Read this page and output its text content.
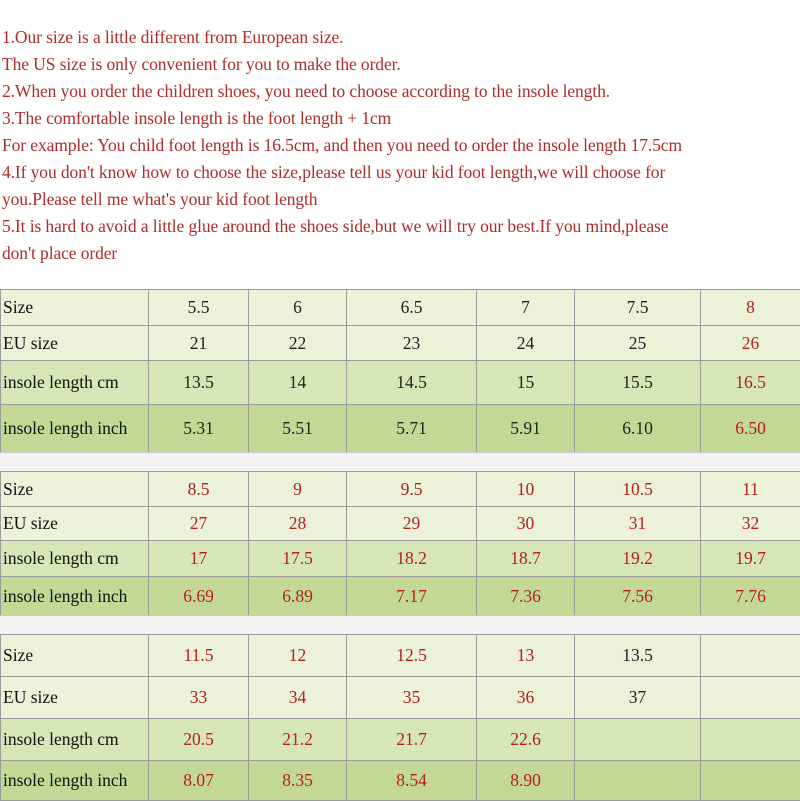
1.Our size is a little different from European size.
The US size is only convenient for you to make the order.
2.When you order the children shoes, you need to choose according to the insole length.
3.The comfortable insole length is the foot length + 1cm
For example: You child foot length is 16.5cm, and then you need to order the insole length 17.5cm
4.If you don't know how to choose the size,please tell us your kid foot length,we will choose for
you.Please tell me what's your kid foot length
5.It is hard to avoid a little glue around the shoes side,but we will try our best.If you mind,please
don't place order
Size	5.5	6	6.5	7	7.5	8
EU size	21	22	23	24	25	26
insole length cm	13.5	14	14.5	15	15.5	16.5
insole length inch	5.31	5.51	5.71	5.91	6.10	6.50
Size	8.5	9	9.5	10	10.5	11
EU size	27	28	29	30	31	32
insole length cm	17	17.5	18.2	18.7	19.2	19.7
insole length inch	6.69	6.89	7.17	7.36	7.56	7.76
Size	11.5	12	12.5	13	13.5	
EU size	33	34	35	36	37	
insole length cm	20.5	21.2	21.7	22.6		
insole length inch	8.07	8.35	8.54	8.90		
